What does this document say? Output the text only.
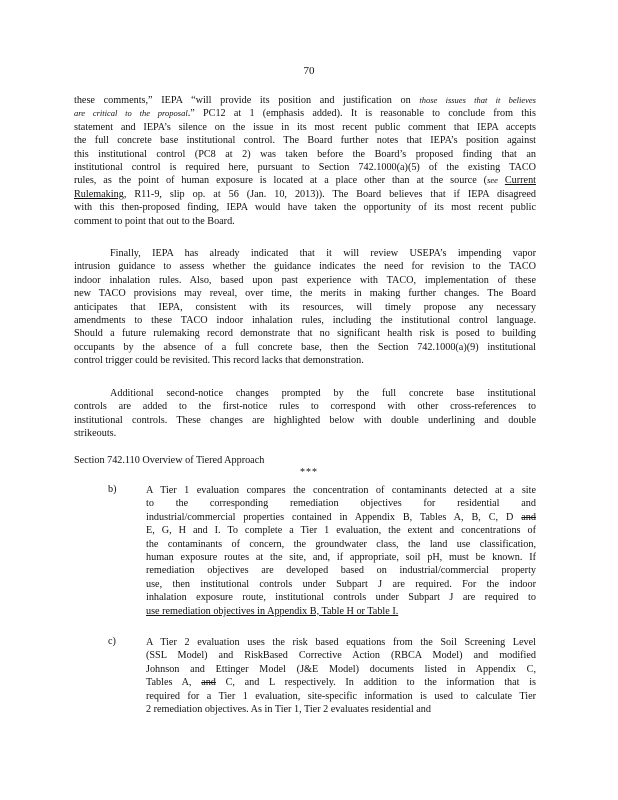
70
these comments,” IEPA “will provide its position and justification on those issues that it believes
are critical to the proposal.” PC12 at 1 (emphasis added). It is reasonable to conclude from this
statement and IEPA’s silence on the issue in its most recent public comment that IEPA accepts
the full concrete base institutional control. The Board further notes that IEPA’s position against
this institutional control (PC8 at 2) was taken before the Board’s proposed finding that an
institutional control is required here, pursuant to Section 742.1000(a)(5) of the existing TACO
rules, as the point of human exposure is located at a place other than at the source (see Current
Rulemaking, R11-9, slip op. at 56 (Jan. 10, 2013)). The Board believes that if IEPA disagreed
with this then-proposed finding, IEPA would have taken the opportunity of its most recent public
comment to point that out to the Board.
Finally, IEPA has already indicated that it will review USEPA’s impending vapor
intrusion guidance to assess whether the guidance indicates the need for revision to the TACO
indoor inhalation rules. Also, based upon past experience with TACO, implementation of these
new TACO provisions may reveal, over time, the merits in making further changes. The Board
anticipates that IEPA, consistent with its resources, will timely propose any necessary
amendments to these TACO indoor inhalation rules, including the institutional control language.
Should a future rulemaking record demonstrate that no significant health risk is posed to building
occupants by the absence of a full concrete base, then the Section 742.1000(a)(9) institutional
control trigger could be revisited. This record lacks that demonstration.
Additional second-notice changes prompted by the full concrete base institutional
controls are added to the first-notice rules to correspond with other cross-references to
institutional controls. These changes are highlighted below with double underlining and double
strikeouts.
Section 742.110 Overview of Tiered Approach
***
b)	A Tier 1 evaluation compares the concentration of contaminants detected at a site
to the corresponding remediation objectives for residential and
industrial/commercial properties contained in Appendix B, Tables A, B, C, D and
E, G, H and I. To complete a Tier 1 evaluation, the extent and concentrations of
the contaminants of concern, the groundwater class, the land use classification,
human exposure routes at the site, and, if appropriate, soil pH, must be known. If
remediation objectives are developed based on industrial/commercial property
use, then institutional controls under Subpart J are required. For the indoor
inhalation exposure route, institutional controls under Subpart J are required to
use remediation objectives in Appendix B, Table H or Table I.
c)	A Tier 2 evaluation uses the risk based equations from the Soil Screening Level
(SSL Model) and RiskBased Corrective Action (RBCA Model) and modified
Johnson and Ettinger Model (J&E Model) documents listed in Appendix C,
Tables A, and C, and L respectively. In addition to the information that is
required for a Tier 1 evaluation, site-specific information is used to calculate Tier
2 remediation objectives. As in Tier 1, Tier 2 evaluates residential and
